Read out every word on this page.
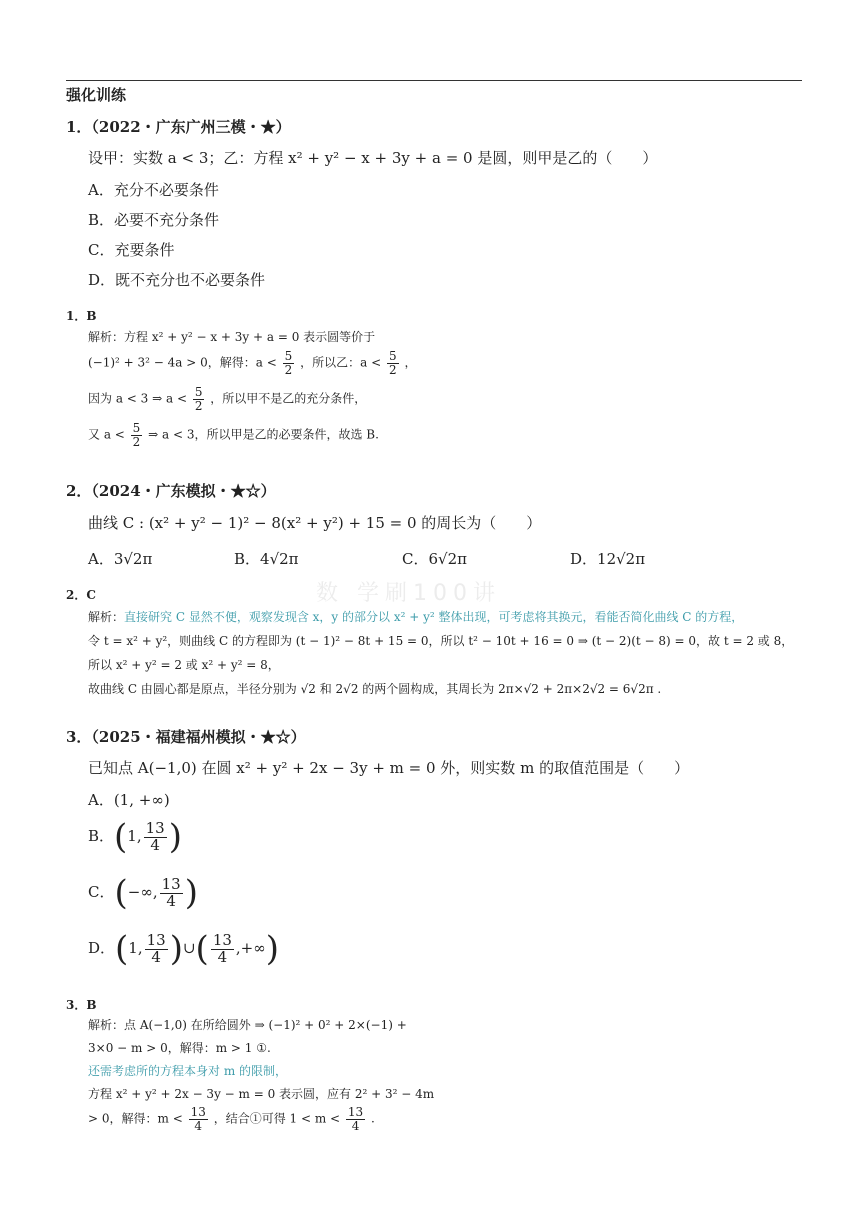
强化训练
1．（2022・广东广州三模・★）
设甲：实数 a < 3；乙：方程 x² + y² − x + 3y + a = 0 是圆，则甲是乙的（　　）
A．充分不必要条件
B．必要不充分条件
C．充要条件
D．既不充分也不必要条件
1．B
解析：方程 x² + y² − x + 3y + a = 0 表示圆等价于
(−1)² + 3² − 4a > 0，解得：$a < \frac{5}{2}$ ，所以乙：$a < \frac{5}{2}$ ，
因为 a < 3 ⇒ $a < \frac{5}{2}$ ，所以甲不是乙的充分条件，
又 $a < \frac{5}{2}$ ⇒ a < 3，所以甲是乙的必要条件，故选 B.
2．（2024・广东模拟・★☆）
曲线 C : (x² + y² − 1)² − 8(x² + y²) + 15 = 0 的周长为（　　）
A．3√2π	B．4√2π	C．6√2π	D．12√2π
数 学刷100讲
2．C
解析：直接研究 C 显然不便，观察发现含 x，y 的部分以 x² + y² 整体出现，可考虑将其换元，看能否简化曲线 C 的方程，
令 t = x² + y²，则曲线 C 的方程即为 (t − 1)² − 8t + 15 = 0，所以 t² − 10t + 16 = 0 ⇒ (t − 2)(t − 8) = 0，故 t = 2 或 8，
所以 x² + y² = 2 或 x² + y² = 8，
故曲线 C 由圆心都是原点，半径分别为 √2 和 2√2 的两个圆构成，其周长为 2π×√2 + 2π×2√2 = 6√2π .
3．（2025・福建福州模拟・★☆）
已知点 A(−1,0) 在圆 x² + y² + 2x − 3y + m = 0 外，则实数 m 的取值范围是（　　）
A．(1, +∞)
B．(1, $\frac{13}{4}$ )
C．(−∞, $\frac{13}{4}$ )
D．(1, $\frac{13}{4}$ )∪( $\frac{13}{4}$ ,+∞)
3．B
解析：点 A(−1,0) 在所给圆外 ⇒ (−1)² + 0² + 2×(−1) +
3×0 − m > 0，解得：m > 1 ①.
还需考虑所的方程本身对 m 的限制，
方程 x² + y² + 2x − 3y − m = 0 表示圆，应有 2² + 3² − 4m
> 0，解得：$m < \frac{13}{4}$ ，结合①可得 $1 < m < \frac{13}{4}$ .
